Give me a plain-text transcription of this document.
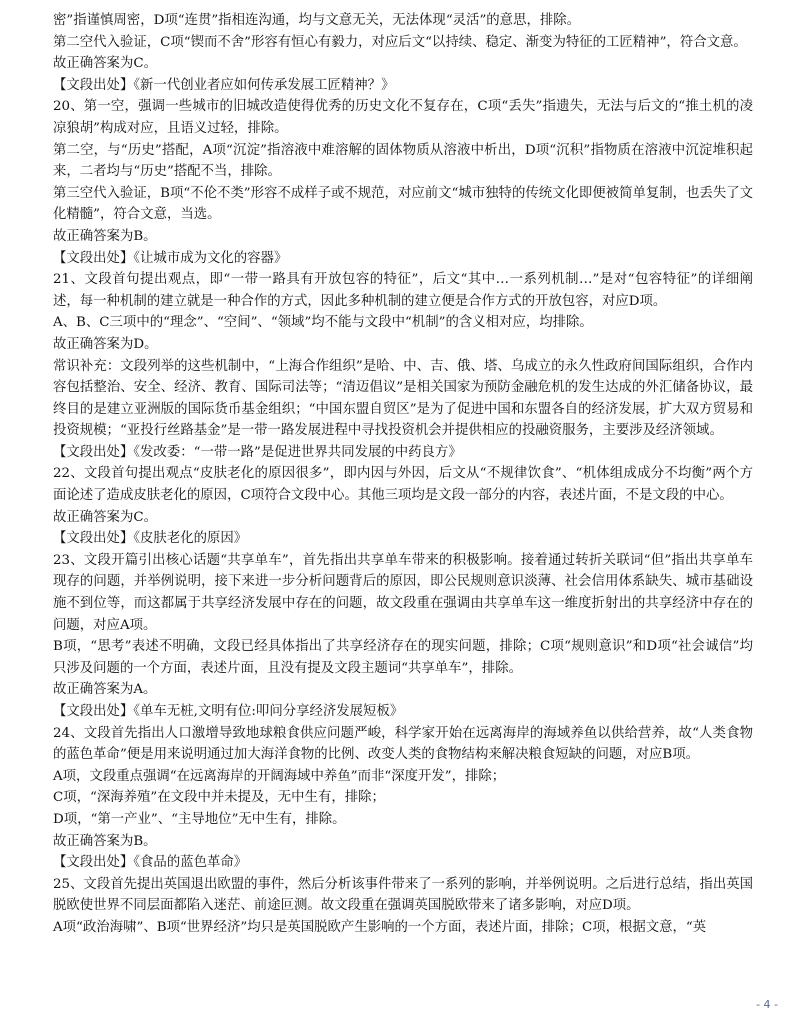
密”指谨慎周密，D项“连贯”指相连沟通，均与文意无关，无法体现“灵活”的意思，排除。

第二空代入验证，C项“锲而不舍”形容有恒心有毅力，对应后文“以持续、稳定、渐变为特征的工匠精神”，符合文意。

故正确答案为C。

【文段出处】《新一代创业者应如何传承发展工匠精神？》

20、第一空，强调一些城市的旧城改造使得优秀的历史文化不复存在，C项“丢失”指遗失，无法与后文的“推土机的凌凉狼胡”构成对应，且语义过轻，排除。

第二空，与“历史”搭配，A项“沉淀”指溶液中难溶解的固体物质从溶液中析出，D项“沉积”指物质在溶液中沉淀堆积起来，二者均与“历史”搭配不当，排除。

第三空代入验证，B项“不伦不类”形容不成样子或不规范，对应前文“城市独特的传统文化即便被简单复制，也丢失了文化精髓”，符合文意，当选。

故正确答案为B。

【文段出处】《让城市成为文化的容器》

21、文段首句提出观点，即“一带一路具有开放包容的特征”，后文“其中…一系列机制…”是对“包容特征”的详细阐述，每一种机制的建立就是一种合作的方式，因此多种机制的建立便是合作方式的开放包容，对应D项。

A、B、C三项中的“理念”、“空间”、“领域”均不能与文段中“机制”的含义相对应，均排除。

故正确答案为D。

常识补充：文段列举的这些机制中，“上海合作组织”是哈、中、吉、俄、塔、乌成立的永久性政府间国际组织，合作内容包括整治、安全、经济、教育、国际司法等；“清迈倡议”是相关国家为预防金融危机的发生达成的外汇储备协议，最终目的是建立亚洲版的国际货币基金组织；“中国东盟自贸区”是为了促进中国和东盟各自的经济发展，扩大双方贸易和投资规模；“亚投行丝路基金”是一带一路发展进程中寻找投资机会并提供相应的投融资服务，主要涉及经济领域。

【文段出处】《发改委：“一带一路”是促进世界共同发展的中药良方》

22、文段首句提出观点“皮肤老化的原因很多”，即内因与外因，后文从“不规律饮食”、“机体组成成分不均衡”两个方面论述了造成皮肤老化的原因，C项符合文段中心。其他三项均是文段一部分的内容，表述片面，不是文段的中心。

故正确答案为C。

【文段出处】《皮肤老化的原因》

23、文段开篇引出核心话题“共享单车”，首先指出共享单车带来的积极影响。接着通过转折关联词“但”指出共享单车现存的问题，并举例说明，接下来进一步分析问题背后的原因，即公民规则意识淡薄、社会信用体系缺失、城市基础设施不到位等，而这都属于共享经济发展中存在的问题，故文段重在强调由共享单车这一维度折射出的共享经济中存在的问题，对应A项。

B项，“思考”表述不明确，文段已经具体指出了共享经济存在的现实问题，排除；C项“规则意识”和D项“社会诚信”均只涉及问题的一个方面，表述片面，且没有提及文段主题词“共享单车”，排除。

故正确答案为A。

【文段出处】《单车无桩,文明有位:叩问分享经济发展短板》

24、文段首先指出人口激增导致地球粮食供应问题严峻，科学家开始在远离海岸的海域养鱼以供给营养，故“人类食物的蓝色革命”便是用来说明通过加大海洋食物的比例、改变人类的食物结构来解决粮食短缺的问题，对应B项。

A项，文段重点强调“在远离海岸的开阔海域中养鱼”而非“深度开发”，排除；

C项，“深海养殖”在文段中并未提及，无中生有，排除；

D项，“第一产业”、“主导地位”无中生有，排除。

故正确答案为B。

【文段出处】《食品的蓝色革命》

25、文段首先提出英国退出欧盟的事件，然后分析该事件带来了一系列的影响，并举例说明。之后进行总结，指出英国脱欧使世界不同层面都陷入迷茫、前途叵测。故文段重在强调英国脱欧带来了诸多影响，对应D项。

A项“政治海啸”、B项“世界经济”均只是英国脱欧产生影响的一个方面，表述片面，排除；C项，根据文意，“英

- 4 -
